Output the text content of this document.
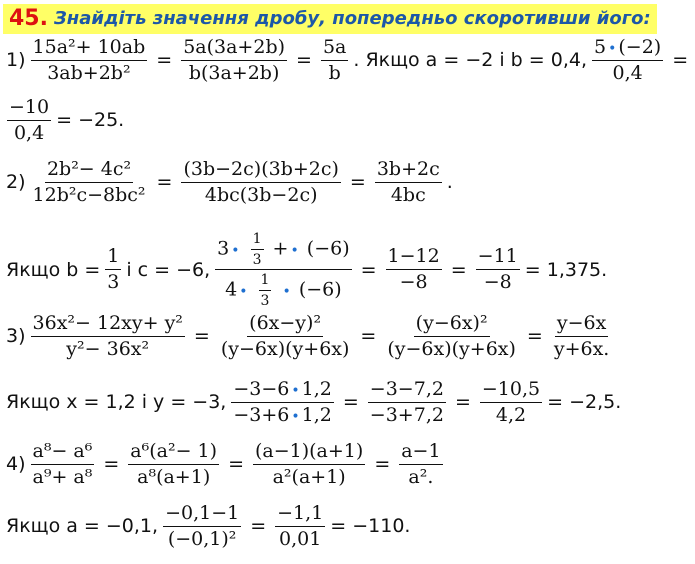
45. Знайдіть значення дробу, попередньо скоротивши його:
$1) \frac{\text{15a²+ 10ab}}{\text{3ab+2b²}} = \frac{5a(3a+2b)}{b(3a+2b)} = \frac{5a}{b}$ . Якщо a = −2 і b = 0,4, $\frac{5 • (-2)}{0,4}$ =
$\frac{-10}{0,4} = -25$.
$2) \frac{\text{2b²− 4c²}}{\text{12b²c−8bc²}} = \frac{(3b-2c)(3b+2c)}{4bc(3b-2c)} = \frac{3b+2c}{4bc}$ .
Якщо $b = \frac{1}{3}$ і c = −6, $\frac{3 • \frac{1}{3} + • (-6)}{4 • \frac{1}{3} • (-6)} = \frac{1-12}{-8} = \frac{-11}{-8} = 1,375$.
$3) \frac{\text{36x²− 12xy+ y²}}{\text{y²− 36x²}} = \frac{\text{(6x−y)²}}{(y-6x)(y+6x)} = \frac{\text{(y−6x)²}}{(y-6x)(y+6x)} = \frac{y-6x}{y+6x.}$
Якщо x = 1,2 і y = −3, $\frac{-3-6 • 1,2}{-3+6 • 1,2} = \frac{-3-7,2}{-3+7,2} = \frac{-10,5}{4,2} = -2,5$.
$4) \frac{\text{a⁸− a⁶}}{\text{a⁹+ a⁸}} = \frac{\text{a⁶(a²− 1)}}{\text{a⁸(a+1)}} = \frac{(a-1)(a+1)}{\text{a²(a+1)}} = \frac{a-1}{\text{a².}}$
Якщо a = −0,1, $\frac{-0,1-1}{\text{(−0,1)²}} = \frac{-1,1}{0,01} = -110$.
